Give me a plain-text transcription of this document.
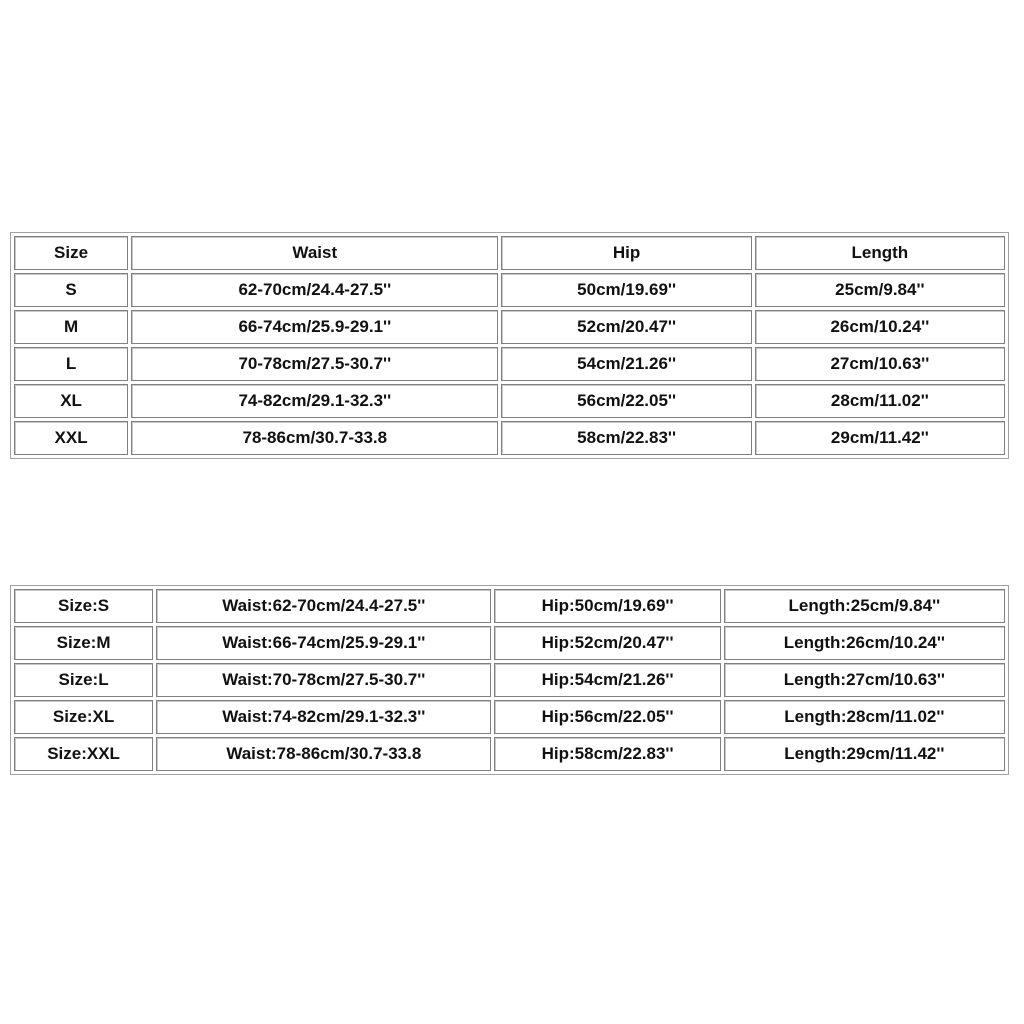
Size	Waist	Hip	Length
S	62-70cm/24.4-27.5''	50cm/19.69''	25cm/9.84''
M	66-74cm/25.9-29.1''	52cm/20.47''	26cm/10.24''
L	70-78cm/27.5-30.7''	54cm/21.26''	27cm/10.63''
XL	74-82cm/29.1-32.3''	56cm/22.05''	28cm/11.02''
XXL	78-86cm/30.7-33.8	58cm/22.83''	29cm/11.42''
Size:S	Waist:62-70cm/24.4-27.5''	Hip:50cm/19.69''	Length:25cm/9.84''
Size:M	Waist:66-74cm/25.9-29.1''	Hip:52cm/20.47''	Length:26cm/10.24''
Size:L	Waist:70-78cm/27.5-30.7''	Hip:54cm/21.26''	Length:27cm/10.63''
Size:XL	Waist:74-82cm/29.1-32.3''	Hip:56cm/22.05''	Length:28cm/11.02''
Size:XXL	Waist:78-86cm/30.7-33.8	Hip:58cm/22.83''	Length:29cm/11.42''
